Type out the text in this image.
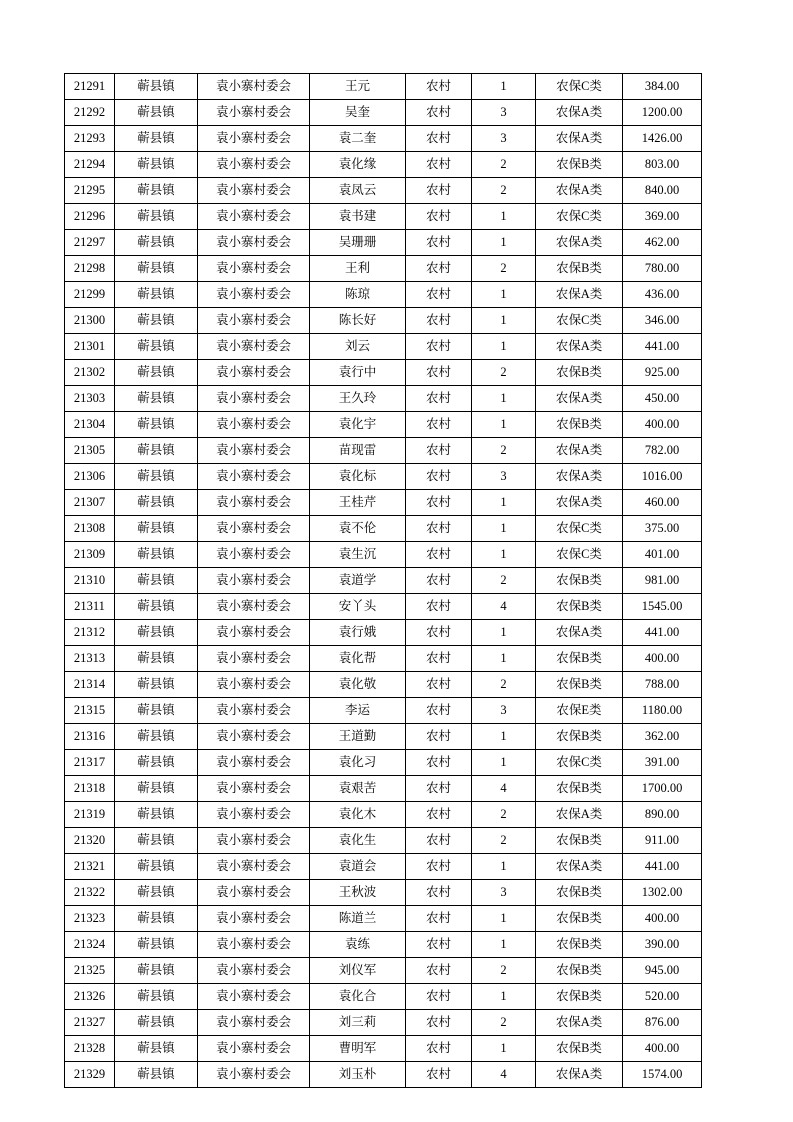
21291	蕲县镇	袁小寨村委会	王元	农村	1	农保C类	384.00
21292	蕲县镇	袁小寨村委会	吴奎	农村	3	农保A类	1200.00
21293	蕲县镇	袁小寨村委会	袁二奎	农村	3	农保A类	1426.00
21294	蕲县镇	袁小寨村委会	袁化缘	农村	2	农保B类	803.00
21295	蕲县镇	袁小寨村委会	袁凤云	农村	2	农保A类	840.00
21296	蕲县镇	袁小寨村委会	袁书建	农村	1	农保C类	369.00
21297	蕲县镇	袁小寨村委会	吴珊珊	农村	1	农保A类	462.00
21298	蕲县镇	袁小寨村委会	王利	农村	2	农保B类	780.00
21299	蕲县镇	袁小寨村委会	陈琼	农村	1	农保A类	436.00
21300	蕲县镇	袁小寨村委会	陈长好	农村	1	农保C类	346.00
21301	蕲县镇	袁小寨村委会	刘云	农村	1	农保A类	441.00
21302	蕲县镇	袁小寨村委会	袁行中	农村	2	农保B类	925.00
21303	蕲县镇	袁小寨村委会	王久玲	农村	1	农保A类	450.00
21304	蕲县镇	袁小寨村委会	袁化宇	农村	1	农保B类	400.00
21305	蕲县镇	袁小寨村委会	苗现雷	农村	2	农保A类	782.00
21306	蕲县镇	袁小寨村委会	袁化标	农村	3	农保A类	1016.00
21307	蕲县镇	袁小寨村委会	王桂芹	农村	1	农保A类	460.00
21308	蕲县镇	袁小寨村委会	袁不伦	农村	1	农保C类	375.00
21309	蕲县镇	袁小寨村委会	袁生沉	农村	1	农保C类	401.00
21310	蕲县镇	袁小寨村委会	袁道学	农村	2	农保B类	981.00
21311	蕲县镇	袁小寨村委会	安丫头	农村	4	农保B类	1545.00
21312	蕲县镇	袁小寨村委会	袁行娥	农村	1	农保A类	441.00
21313	蕲县镇	袁小寨村委会	袁化帮	农村	1	农保B类	400.00
21314	蕲县镇	袁小寨村委会	袁化敬	农村	2	农保B类	788.00
21315	蕲县镇	袁小寨村委会	李运	农村	3	农保E类	1180.00
21316	蕲县镇	袁小寨村委会	王道勤	农村	1	农保B类	362.00
21317	蕲县镇	袁小寨村委会	袁化习	农村	1	农保C类	391.00
21318	蕲县镇	袁小寨村委会	袁艰苦	农村	4	农保B类	1700.00
21319	蕲县镇	袁小寨村委会	袁化木	农村	2	农保A类	890.00
21320	蕲县镇	袁小寨村委会	袁化生	农村	2	农保B类	911.00
21321	蕲县镇	袁小寨村委会	袁道会	农村	1	农保A类	441.00
21322	蕲县镇	袁小寨村委会	王秋波	农村	3	农保B类	1302.00
21323	蕲县镇	袁小寨村委会	陈道兰	农村	1	农保B类	400.00
21324	蕲县镇	袁小寨村委会	袁练	农村	1	农保B类	390.00
21325	蕲县镇	袁小寨村委会	刘仪军	农村	2	农保B类	945.00
21326	蕲县镇	袁小寨村委会	袁化合	农村	1	农保B类	520.00
21327	蕲县镇	袁小寨村委会	刘三莉	农村	2	农保A类	876.00
21328	蕲县镇	袁小寨村委会	曹明军	农村	1	农保B类	400.00
21329	蕲县镇	袁小寨村委会	刘玉朴	农村	4	农保A类	1574.00
